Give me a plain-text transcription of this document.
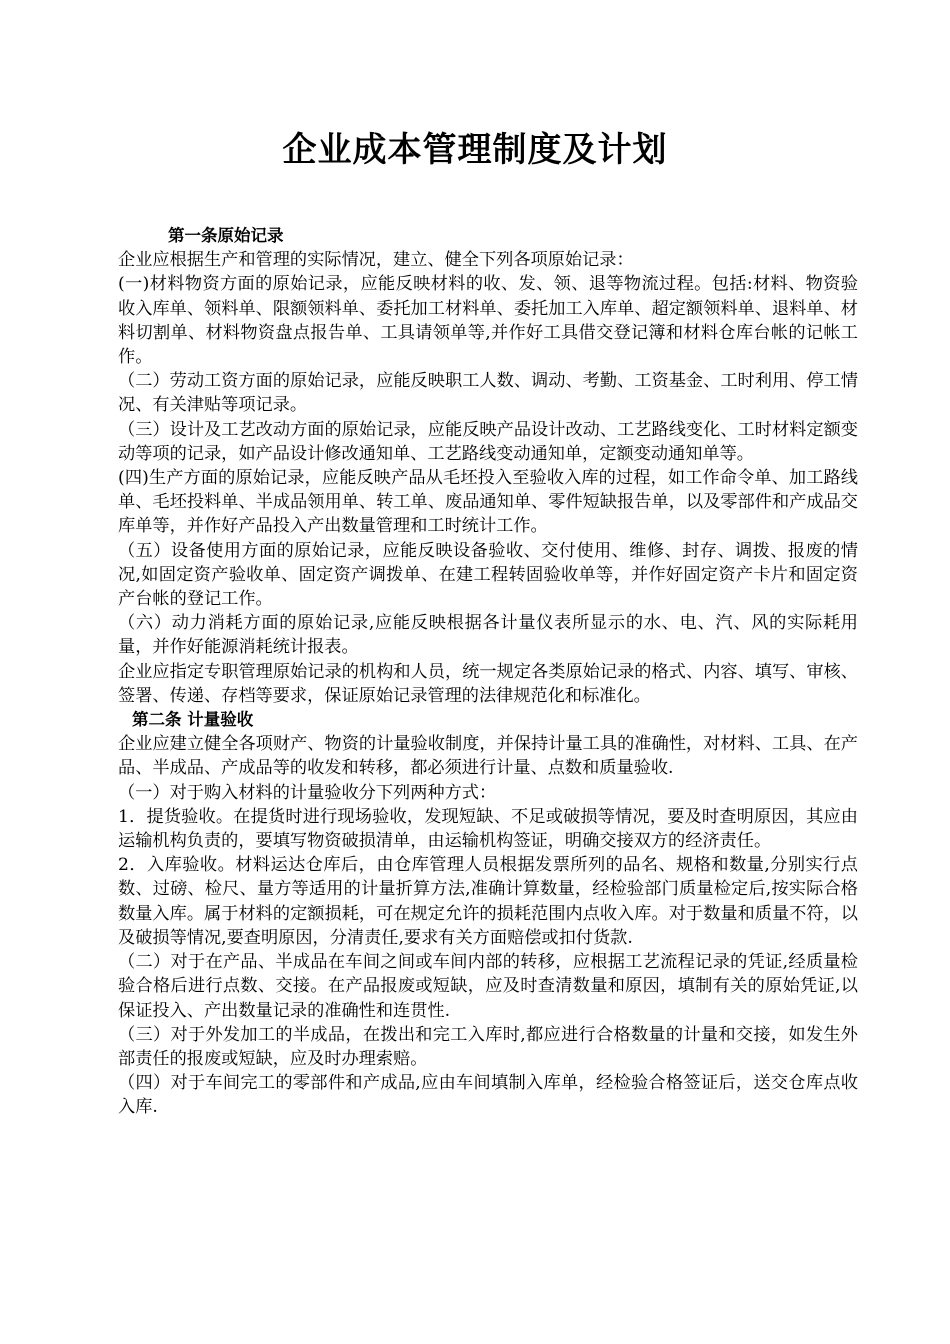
企业成本管理制度及计划

第一条原始记录

企业应根据生产和管理的实际情况，建立、健全下列各项原始记录：

(一)材料物资方面的原始记录，应能反映材料的收、发、领、退等物流过程。包括:材料、物资验收入库单、领料单、限额领料单、委托加工材料单、委托加工入库单、超定额领料单、退料单、材料切割单、材料物资盘点报告单、工具请领单等,并作好工具借交登记簿和材料仓库台帐的记帐工作。

（二）劳动工资方面的原始记录，应能反映职工人数、调动、考勤、工资基金、工时利用、停工情况、有关津贴等项记录。

（三）设计及工艺改动方面的原始记录，应能反映产品设计改动、工艺路线变化、工时材料定额变动等项的记录，如产品设计修改通知单、工艺路线变动通知单，定额变动通知单等。

(四)生产方面的原始记录，应能反映产品从毛坯投入至验收入库的过程，如工作命令单、加工路线单、毛坯投料单、半成品领用单、转工单、废品通知单、零件短缺报告单，以及零部件和产成品交库单等，并作好产品投入产出数量管理和工时统计工作。

（五）设备使用方面的原始记录，应能反映设备验收、交付使用、维修、封存、调拨、报废的情况,如固定资产验收单、固定资产调拨单、在建工程转固验收单等，并作好固定资产卡片和固定资产台帐的登记工作。

（六）动力消耗方面的原始记录,应能反映根据各计量仪表所显示的水、电、汽、风的实际耗用量，并作好能源消耗统计报表。

企业应指定专职管理原始记录的机构和人员，统一规定各类原始记录的格式、内容、填写、审核、签署、传递、存档等要求，保证原始记录管理的法律规范化和标准化。

第二条 计量验收

企业应建立健全各项财产、物资的计量验收制度，并保持计量工具的准确性，对材料、工具、在产品、半成品、产成品等的收发和转移，都必须进行计量、点数和质量验收.

（一）对于购入材料的计量验收分下列两种方式：

1．提货验收。在提货时进行现场验收，发现短缺、不足或破损等情况，要及时查明原因，其应由运输机构负责的，要填写物资破损清单，由运输机构签证，明确交接双方的经济责任。

2．入库验收。材料运达仓库后，由仓库管理人员根据发票所列的品名、规格和数量,分别实行点数、过磅、检尺、量方等适用的计量折算方法,准确计算数量，经检验部门质量检定后,按实际合格数量入库。属于材料的定额损耗，可在规定允许的损耗范围内点收入库。对于数量和质量不符，以及破损等情况,要查明原因，分清责任,要求有关方面赔偿或扣付货款.

（二）对于在产品、半成品在车间之间或车间内部的转移，应根据工艺流程记录的凭证,经质量检验合格后进行点数、交接。在产品报废或短缺，应及时查清数量和原因，填制有关的原始凭证,以保证投入、产出数量记录的准确性和连贯性.

（三）对于外发加工的半成品，在拨出和完工入库时,都应进行合格数量的计量和交接，如发生外部责任的报废或短缺，应及时办理索赔。

（四）对于车间完工的零部件和产成品,应由车间填制入库单，经检验合格签证后，送交仓库点收入库.
